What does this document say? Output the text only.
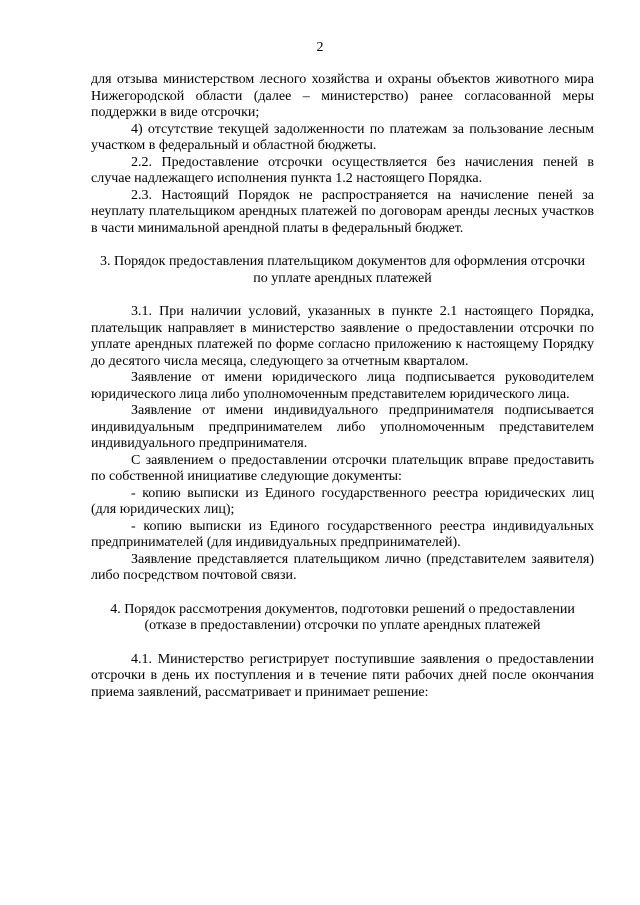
2

для отзыва министерством лесного хозяйства и охраны объектов животного мира Нижегородской области (далее – министерство) ранее согласованной меры поддержки в виде отсрочки;

4) отсутствие текущей задолженности по платежам за пользование лесным участком в федеральный и областной бюджеты.

2.2. Предоставление отсрочки осуществляется без начисления пеней в случае надлежащего исполнения пункта 1.2 настоящего Порядка.

2.3. Настоящий Порядок не распространяется на начисление пеней за неуплату плательщиком арендных платежей по договорам аренды лесных участков в части минимальной арендной платы в федеральный бюджет.

3. Порядок предоставления плательщиком документов для оформления отсрочки по уплате арендных платежей

3.1. При наличии условий, указанных в пункте 2.1 настоящего Порядка, плательщик направляет в министерство заявление о предоставлении отсрочки по уплате арендных платежей по форме согласно приложению к настоящему Порядку до десятого числа месяца, следующего за отчетным кварталом.

Заявление от имени юридического лица подписывается руководителем юридического лица либо уполномоченным представителем юридического лица.

Заявление от имени индивидуального предпринимателя подписывается индивидуальным предпринимателем либо уполномоченным представителем индивидуального предпринимателя.

С заявлением о предоставлении отсрочки плательщик вправе предоставить по собственной инициативе следующие документы:

- копию выписки из Единого государственного реестра юридических лиц (для юридических лиц);

- копию выписки из Единого государственного реестра индивидуальных предпринимателей (для индивидуальных предпринимателей).

Заявление представляется плательщиком лично (представителем заявителя) либо посредством почтовой связи.

4. Порядок рассмотрения документов, подготовки решений о предоставлении (отказе в предоставлении) отсрочки по уплате арендных платежей

4.1. Министерство регистрирует поступившие заявления о предоставлении отсрочки в день их поступления и в течение пяти рабочих дней после окончания приема заявлений, рассматривает и принимает решение:
